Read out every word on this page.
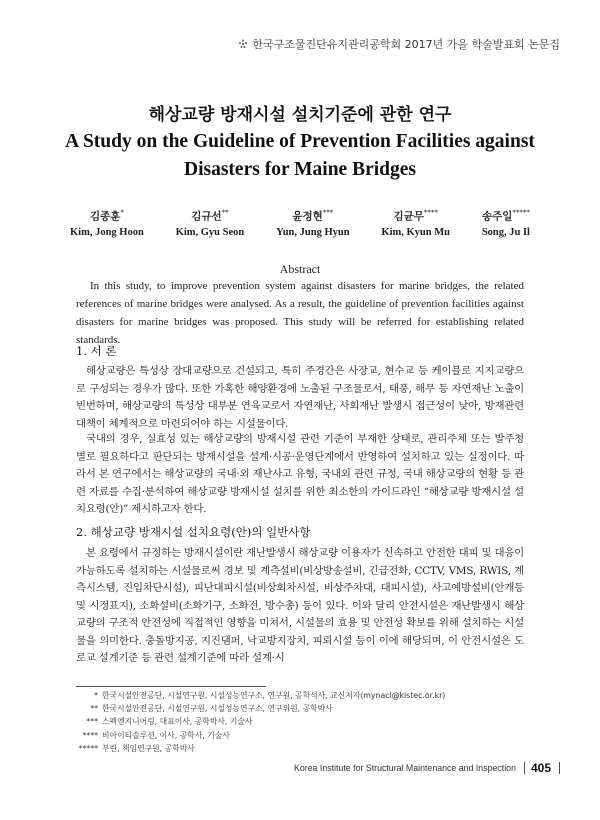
한국구조물진단유지관리공학회 2017년 가을 학술발표회 논문집
해상교량 방재시설 설치기준에 관한 연구
A Study on the Guideline of Prevention Facilities against Disasters for Maine Bridges
김종훈*
Kim, Jong Hoon
김규선**
Kim, Gyu Seon
윤정현***
Yun, Jung Hyun
김균무****
Kim, Kyun Mu
송주일*****
Song, Ju Il
Abstract
In this study, to improve prevention system against disasters for marine bridges, the related references of marine bridges were analysed. As a result, the guideline of prevention facilities against disasters for marine bridges was proposed. This study will be referred for establishing related standards.
1. 서 론
해상교량은 특성상 장대교량으로 건설되고, 특히 주경간은 사장교, 현수교 등 케이블로 지지교량으로 구성되는 경우가 많다. 또한 가혹한 해양환경에 노출된 구조물로서, 태풍, 해무 등 자연재난 노출이 빈번하며, 해상교량의 특성상 대부분 연육교로서 자연재난, 사회재난 발생시 접근성이 낮아, 방재관련 대책이 체계적으로 마련되어야 하는 시설물이다.
국내의 경우, 실효성 있는 해상교량의 방재시설 관련 기준이 부재한 상태로, 관리주체 또는 발주청 별로 필요하다고 판단되는 방재시설을 설계·시공·운영단계에서 반영하여 설치하고 있는 실정이다. 따라서 본 연구에서는 해상교량의 국내·외 재난사고 유형, 국내외 관련 규정, 국내 해상교량의 현황 등 관련 자료를 수집·분석하여 해상교량 방재시설 설치를 위한 최소한의 가이드라인 “해상교량 방재시설 설치요령(안)” 제시하고자 한다.
2. 해상교량 방재시설 설치요령(안)의 일반사항
본 요령에서 규정하는 방재시설이란 재난발생시 해상교량 이용자가 신속하고 안전한 대피 및 대응이 가능하도록 설치하는 시설물로써 경보 및 계측설비(비상방송설비, 긴급전화, CCTV, VMS, RWIS, 계측시스템, 진입차단시설), 피난대피시설(비상회차시설, 비상주차대, 대피시설), 사고예방설비(안개등 및 시정표지), 소화설비(소화기구, 소화전, 방수총) 등이 있다. 이와 달리 안전시설은 재난발생시 해상교량의 구조적 안전성에 직접적인 영향을 미쳐서, 시설물의 효용 및 안전성 확보를 위해 설치하는 시설물을 의미한다. 충돌방지공, 지진댐퍼, 낙교방지장치, 피뢰시설 등이 이에 해당되며, 이 안전시설은 도로교 설계기준 등 관련 설계기준에 따라 설계·시
* 한국시설안전공단, 시설연구원, 시설성능연구소, 연구원, 공학석사, 교신저자(mynacl@kistec.or.kr)
** 한국시설안전공단, 시설연구원, 시설성능연구소, 연구위원, 공학박사
*** 스펙엔지니어링, 대표이사, 공학박사, 기술사
**** 비아이티솔루션, 이사, 공학사, 기술사
***** 부린, 책임연구원, 공학박사
Korea Institute for Structural Maintenance and Inspection 405
